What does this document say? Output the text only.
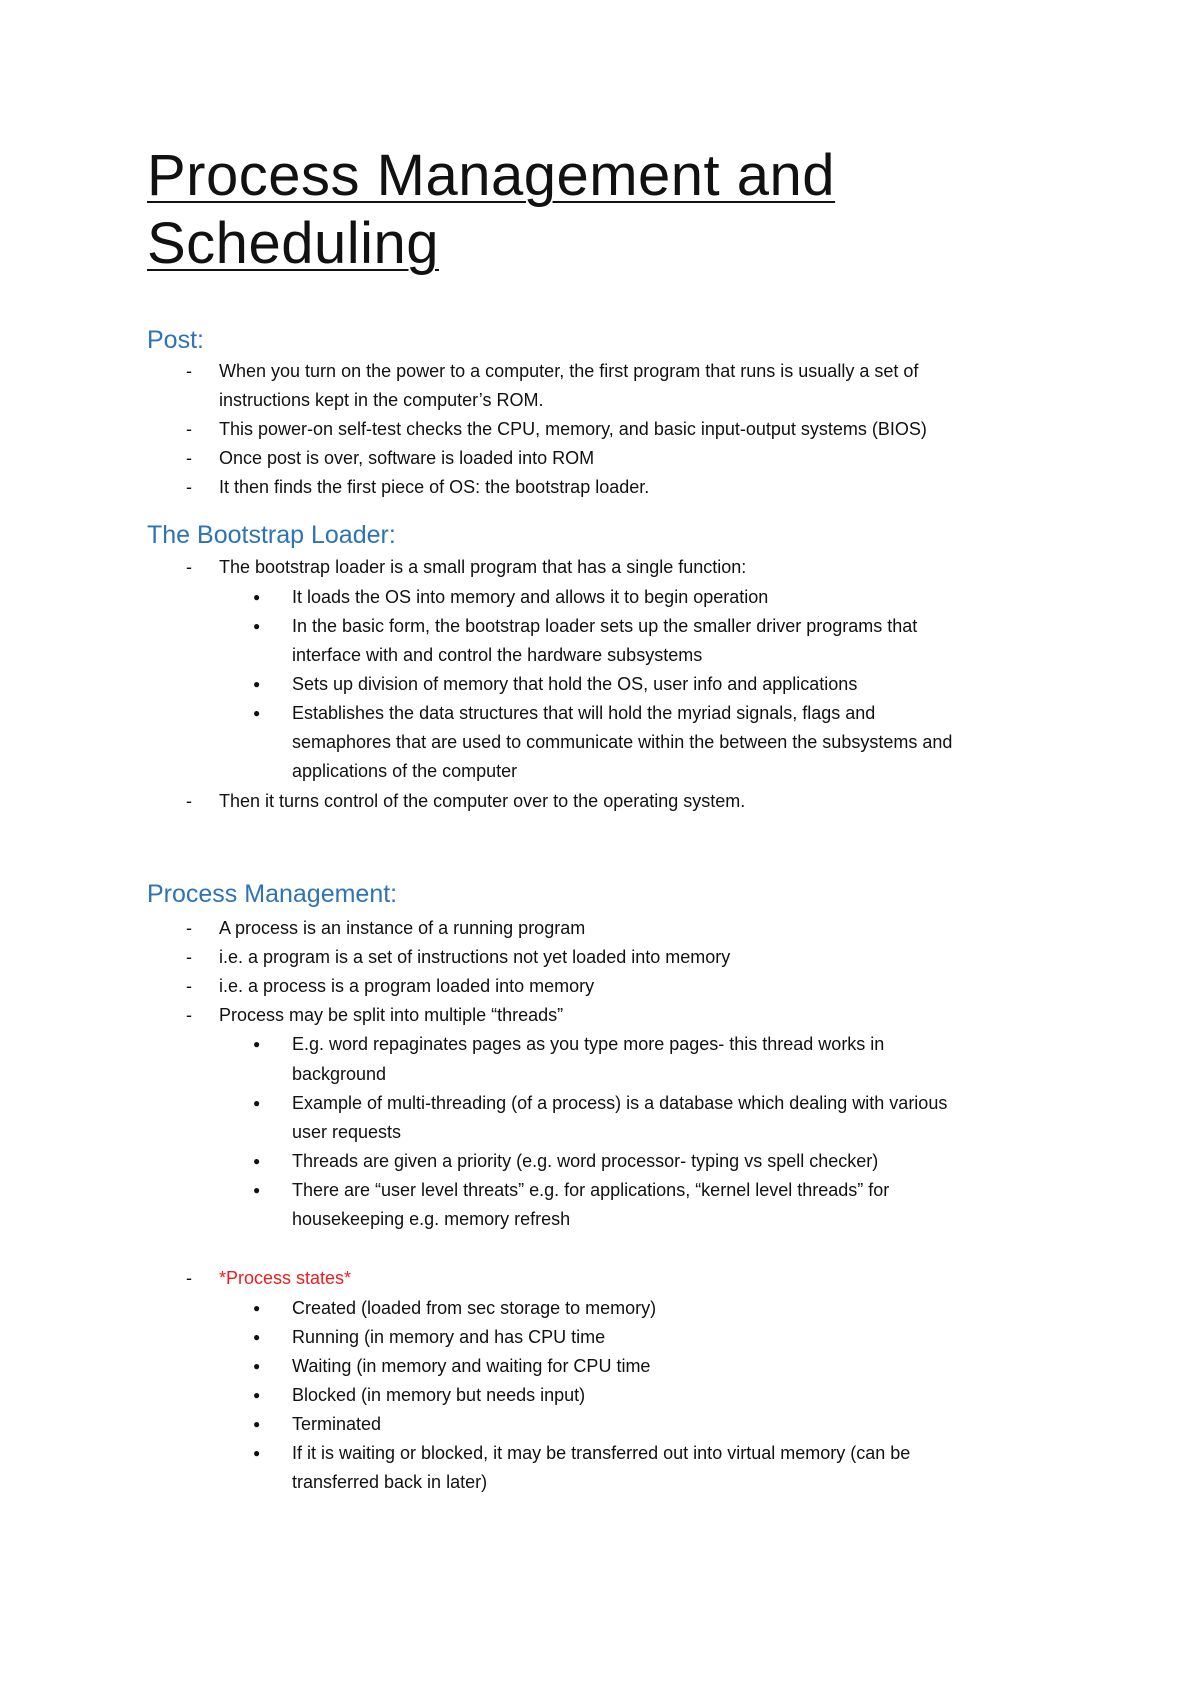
Process Management and
Scheduling
Post:

- When you turn on the power to a computer, the first program that runs is usually a set of

instructions kept in the computer’s ROM.

- This power-on self-test checks the CPU, memory, and basic input-output systems (BIOS)

- Once post is over, software is loaded into ROM

- It then finds the first piece of OS: the bootstrap loader.

The Bootstrap Loader:

- The bootstrap loader is a small program that has a single function:

● It loads the OS into memory and allows it to begin operation

● In the basic form, the bootstrap loader sets up the smaller driver programs that

interface with and control the hardware subsystems

● Sets up division of memory that hold the OS, user info and applications

● Establishes the data structures that will hold the myriad signals, flags and

semaphores that are used to communicate within the between the subsystems and

applications of the computer

- Then it turns control of the computer over to the operating system.

Process Management:

- A process is an instance of a running program

- i.e. a program is a set of instructions not yet loaded into memory

- i.e. a process is a program loaded into memory

- Process may be split into multiple “threads”

● E.g. word repaginates pages as you type more pages- this thread works in

background

● Example of multi-threading (of a process) is a database which dealing with various

user requests

● Threads are given a priority (e.g. word processor- typing vs spell checker)

● There are “user level threats” e.g. for applications, “kernel level threads” for

housekeeping e.g. memory refresh

- *Process states*

● Created (loaded from sec storage to memory)

● Running (in memory and has CPU time

● Waiting (in memory and waiting for CPU time

● Blocked (in memory but needs input)

● Terminated

● If it is waiting or blocked, it may be transferred out into virtual memory (can be

transferred back in later)
